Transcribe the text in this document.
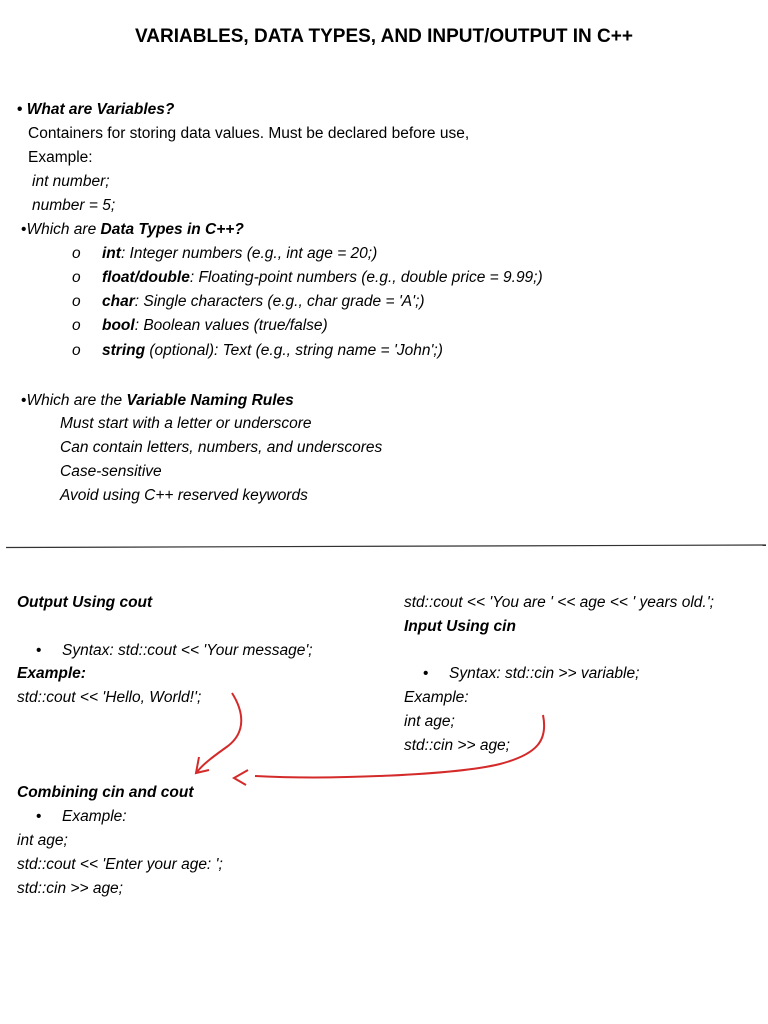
VARIABLES, DATA TYPES, AND INPUT/OUTPUT IN C++
• What are Variables?
Containers for storing data values. Must be declared before use,
Example:
int number;
number = 5;
•Which are Data Types in C++?
o int: Integer numbers (e.g., int age = 20;)
o float/double: Floating-point numbers (e.g., double price = 9.99;)
o char: Single characters (e.g., char grade = 'A';)
o bool: Boolean values (true/false)
o string (optional): Text (e.g., string name = 'John';)
•Which are the Variable Naming Rules
Must start with a letter or underscore
Can contain letters, numbers, and underscores
Case-sensitive
Avoid using C++ reserved keywords
Output Using cout
• Syntax: std::cout << 'Your message';
Example:
std::cout << 'Hello, World!';
std::cout << 'You are ' << age << ' years old.';
Input Using cin
• Syntax: std::cin >> variable;
Example:
int age;
std::cin >> age;
Combining cin and cout
• Example:
int age;
std::cout << 'Enter your age: ';
std::cin >> age;
